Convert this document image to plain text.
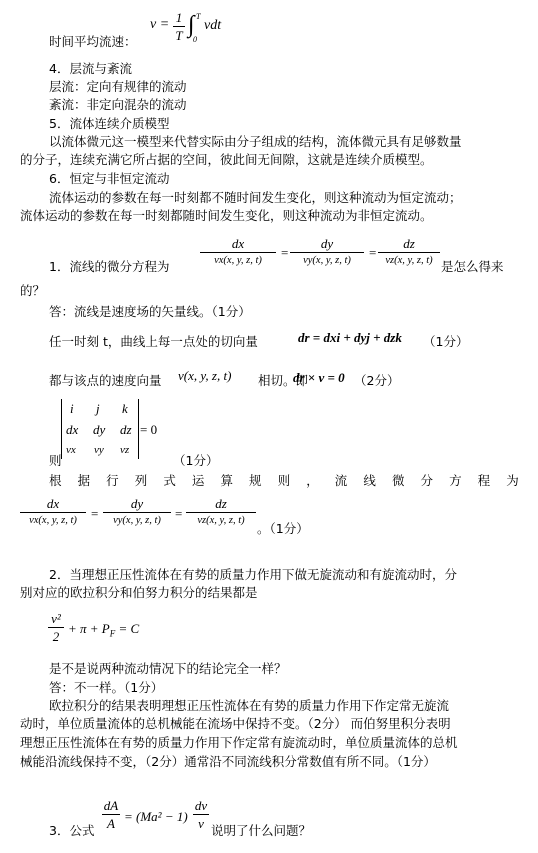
时间平均流速：
v = 1
T ∫ T
0
vdt
4．层流与紊流
层流：定向有规律的流动
紊流：非定向混杂的流动
5．流体连续介质模型
以流体微元这一模型来代替实际由分子组成的结构，流体微元具有足够数量
的分子，连续充满它所占据的空间，彼此间无间隙，这就是连续介质模型。
6．恒定与非恒定流动
流体运动的参数在每一时刻都不随时间发生变化，则这种流动为恒定流动；
流体运动的参数在每一时刻都随时间发生变化，则这种流动为非恒定流动。
1．流线的微分方程为
dx
vx(x, y, z, t)
=
dy
vy(x, y, z, t)
=
dz
vz(x, y, z, t) 是怎么得来
的？
答：流线是速度场的矢量线。（1分）
任一时刻 t，曲线上每一点处的切向量	dr = dxi + dyj + dzk （1分）
都与该点的速度向量 v(x, y, z, t) 相切。即
dr × v = 0 （2分）
i j k
dx dy dz
vx vy vz
= 0
则	（1分）
根 据 行 列 式 运 算 规 则 ， 流 线 微 分 方 程 为
dx
vx(x, y, z, t)	=
dy
vy(x, y, z, t)	=
dz
vz(x, y, z, t)
。（1分）
2．当理想正压性流体在有势的质量力作用下做无旋流动和有旋流动时，分
别对应的欧拉积分和伯努力积分的结果都是
v²
2
+ $\pi + P_F = C$
是不是说两种流动情况下的结论完全一样？
答：不一样。（1分）
欧拉积分的结果表明理想正压性流体在有势的质量力作用下作定常无旋流
动时，单位质量流体的总机械能在流场中保持不变。（2分） 而伯努里积分表明
理想正压性流体在有势的质量力作用下作定常有旋流动时，单位质量流体的总机
械能沿流线保持不变，（2分）通常沿不同流线积分常数值有所不同。（1分）
3．公式
dA
A = (Ma² − 1)
dv
v 说明了什么问题？
